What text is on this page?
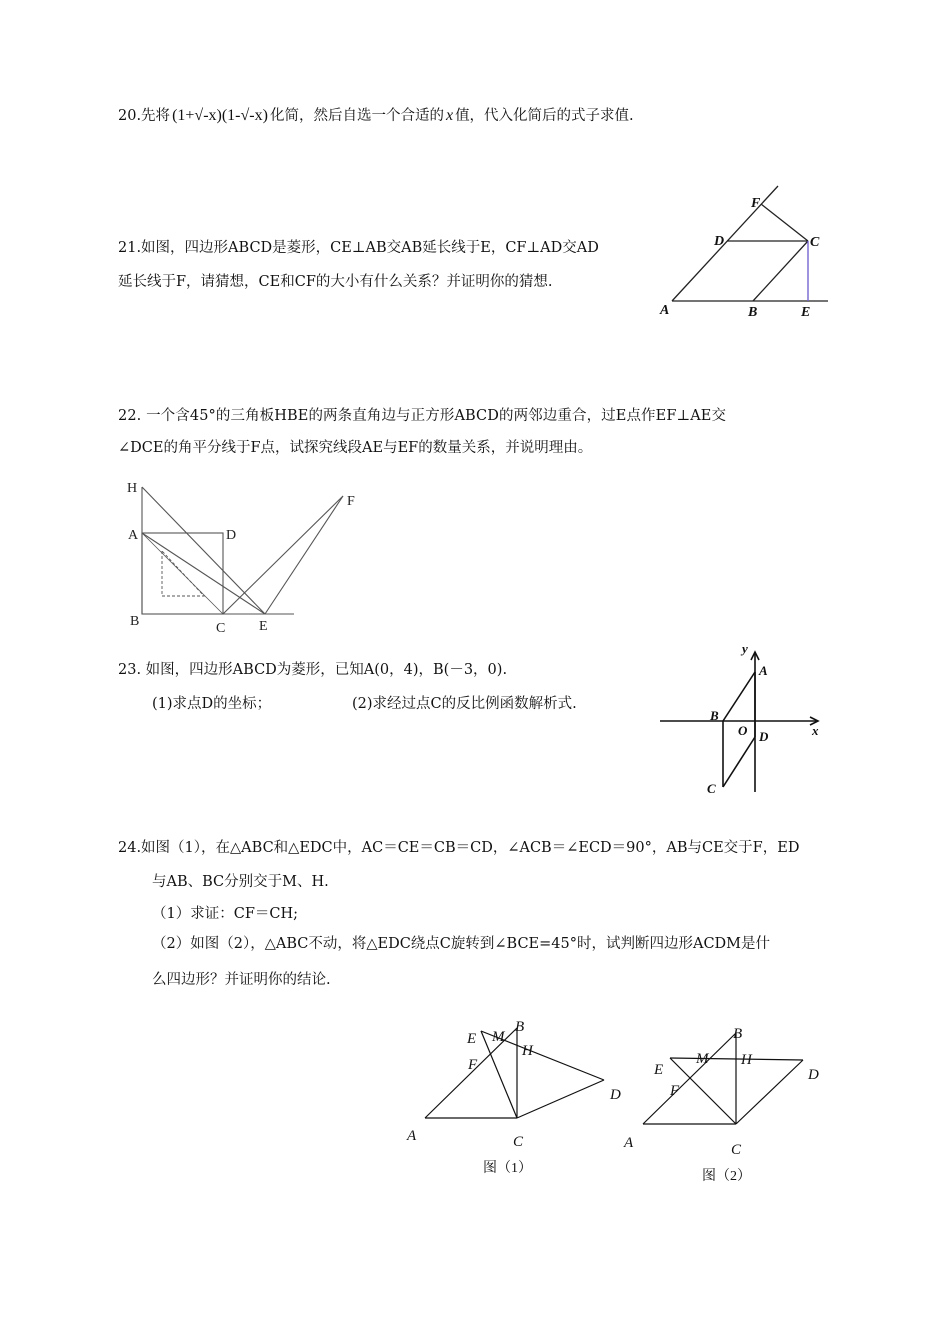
20.先将 (1+√-x)(1-√-x) 化简，然后自选一个合适的 x 值，代入化简后的式子求值.
21.如图，四边形ABCD是菱形，CE⊥AB交AB延长线于E，CF⊥AD交AD
延长线于F，请猜想，CE和CF的大小有什么关系？并证明你的猜想.
F
D	C
A	B	E
22. 一个含45°的三角板HBE的两条直角边与正方形ABCD的两邻边重合，过E点作EF⊥AE交
∠DCE的角平分线于F点，试探究线段AE与EF的数量关系，并说明理由。
H
A	D
F
B	C E
23. 如图，四边形ABCD为菱形，已知A(0，4)，B(－3，0).
(1)求点D的坐标；	(2)求经过点C的反比例函数解析式.
y
A
B
O D	x
C
24.如图（1），在△ABC和△EDC中，AC＝CE＝CB＝CD，∠ACB＝∠ECD＝90°，AB与CE交于F，ED
与AB、BC分别交于M、H.
（1）求证：CF＝CH;
（2）如图（2），△ABC不动，将△EDC绕点C旋转到∠BCE=45°时，试判断四边形ACDM是什
么四边形？并证明你的结论.
E M
B
H
F
D
A	C
图（1）
B
M H
E	D
F
A	C
图（2）
